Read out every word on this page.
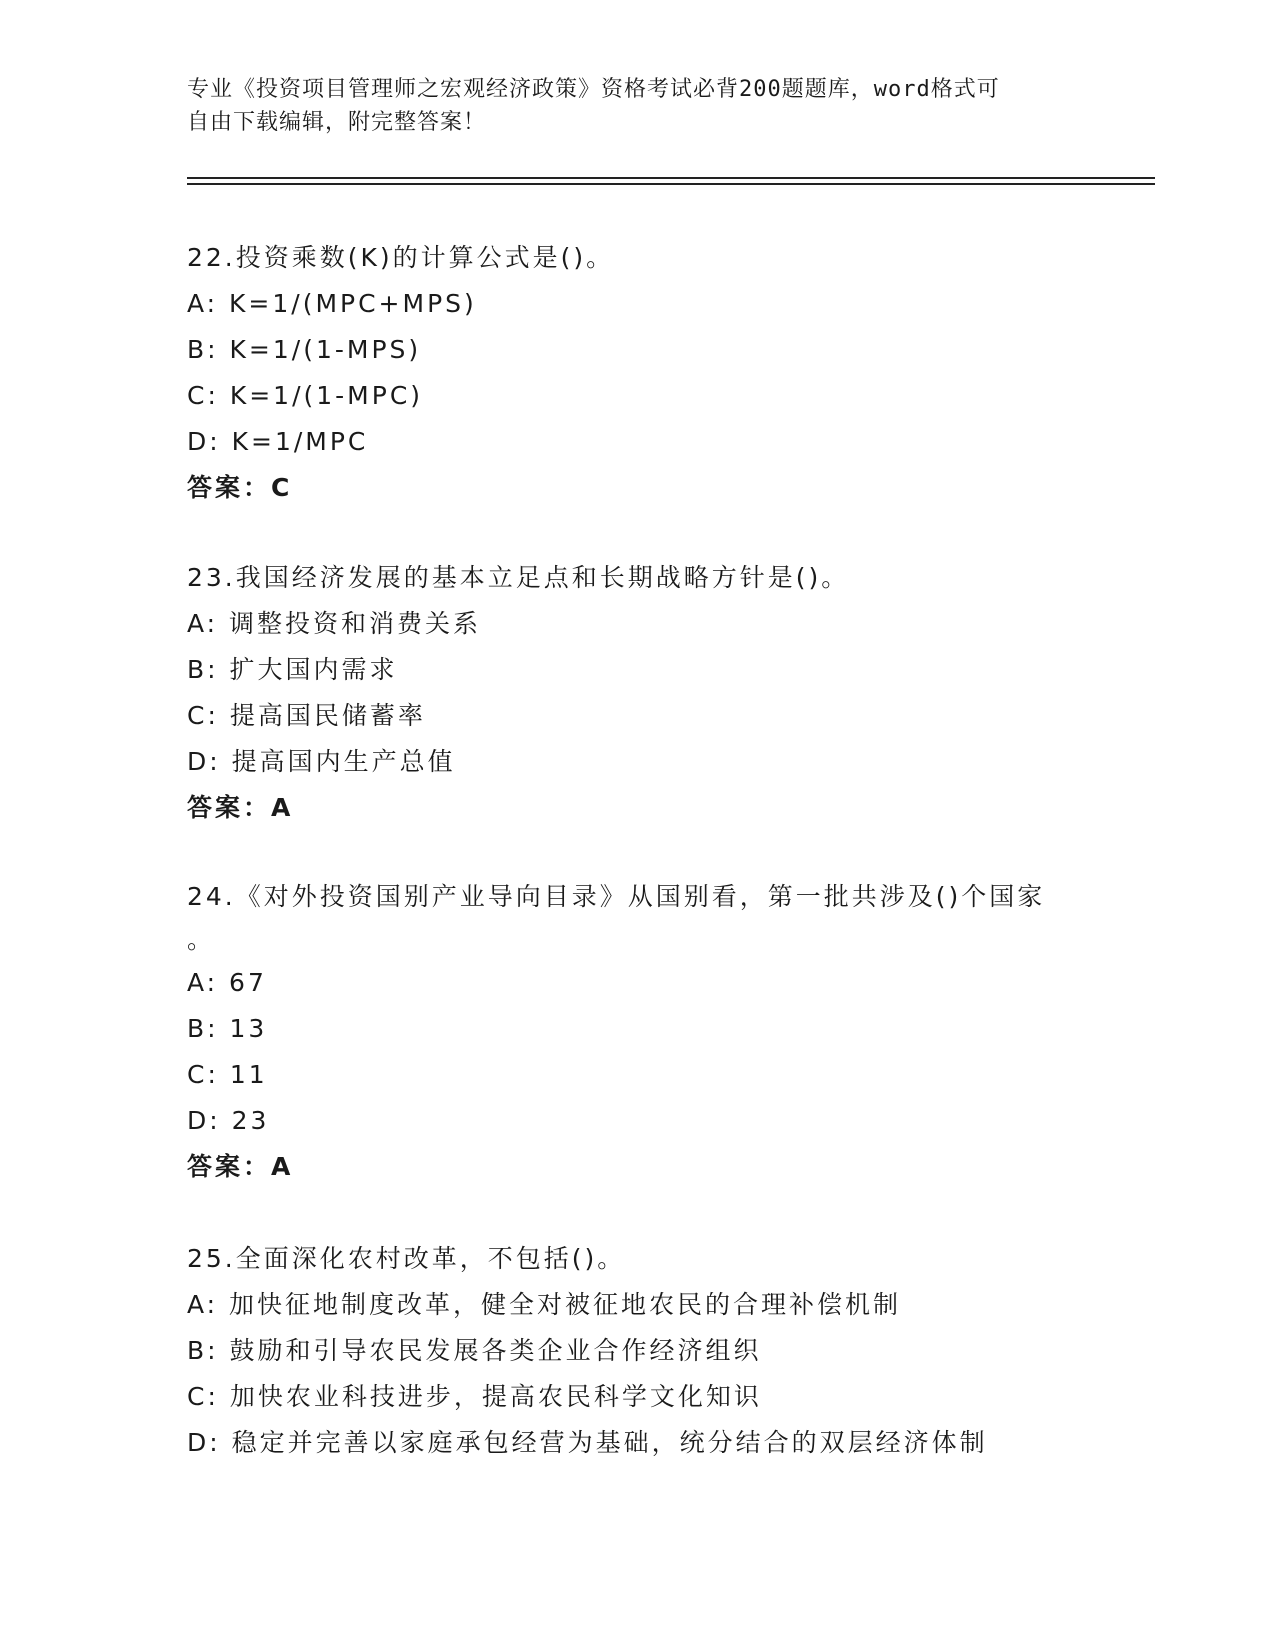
专业《投资项目管理师之宏观经济政策》资格考试必背200题题库，word格式可
自由下载编辑，附完整答案！
22.投资乘数(K)的计算公式是()。
A: K=1/(MPC+MPS)
B: K=1/(1-MPS)
C: K=1/(1-MPC)
D: K=1/MPC
答案：C
23.我国经济发展的基本立足点和长期战略方针是()。
A: 调整投资和消费关系
B: 扩大国内需求
C: 提高国民储蓄率
D: 提高国内生产总值
答案：A
24.《对外投资国别产业导向目录》从国别看，第一批共涉及()个国家
。
A: 67
B: 13
C: 11
D: 23
答案：A
25.全面深化农村改革，不包括()。
A: 加快征地制度改革，健全对被征地农民的合理补偿机制
B: 鼓励和引导农民发展各类企业合作经济组织
C: 加快农业科技进步，提高农民科学文化知识
D: 稳定并完善以家庭承包经营为基础，统分结合的双层经济体制
